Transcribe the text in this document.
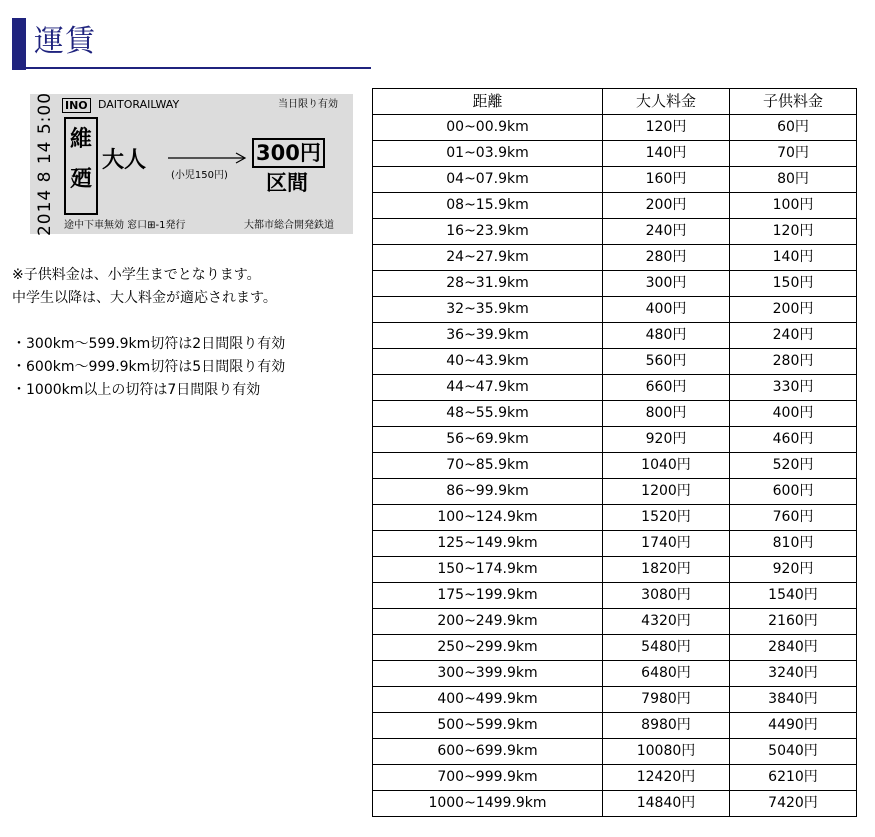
運賃
2014 8 14 5:00 INO DAITORAILWAY	当日限り有効
維
廼
大人
(小児150円)
300円
区間
途中下車無効 窓口⊞-1発行	大都市総合開発鉄道

※子供料金は、小学生までとなります。

中学生以降は、大人料金が適応されます。

・300km～599.9km切符は2日間限り有効

・600km～999.9km切符は5日間限り有効

・1000km以上の切符は7日間限り有効

距離	大人料金	子供料金
00~00.9km	120円	60円
01~03.9km	140円	70円
04~07.9km	160円	80円
08~15.9km	200円	100円
16~23.9km	240円	120円
24~27.9km	280円	140円
28~31.9km	300円	150円
32~35.9km	400円	200円
36~39.9km	480円	240円
40~43.9km	560円	280円
44~47.9km	660円	330円
48~55.9km	800円	400円
56~69.9km	920円	460円
70~85.9km	1040円	520円
86~99.9km	1200円	600円
100~124.9km	1520円	760円
125~149.9km	1740円	810円
150~174.9km	1820円	920円
175~199.9km	3080円	1540円
200~249.9km	4320円	2160円
250~299.9km	5480円	2840円
300~399.9km	6480円	3240円
400~499.9km	7980円	3840円
500~599.9km	8980円	4490円
600~699.9km	10080円	5040円
700~999.9km	12420円	6210円
1000~1499.9km	14840円	7420円
